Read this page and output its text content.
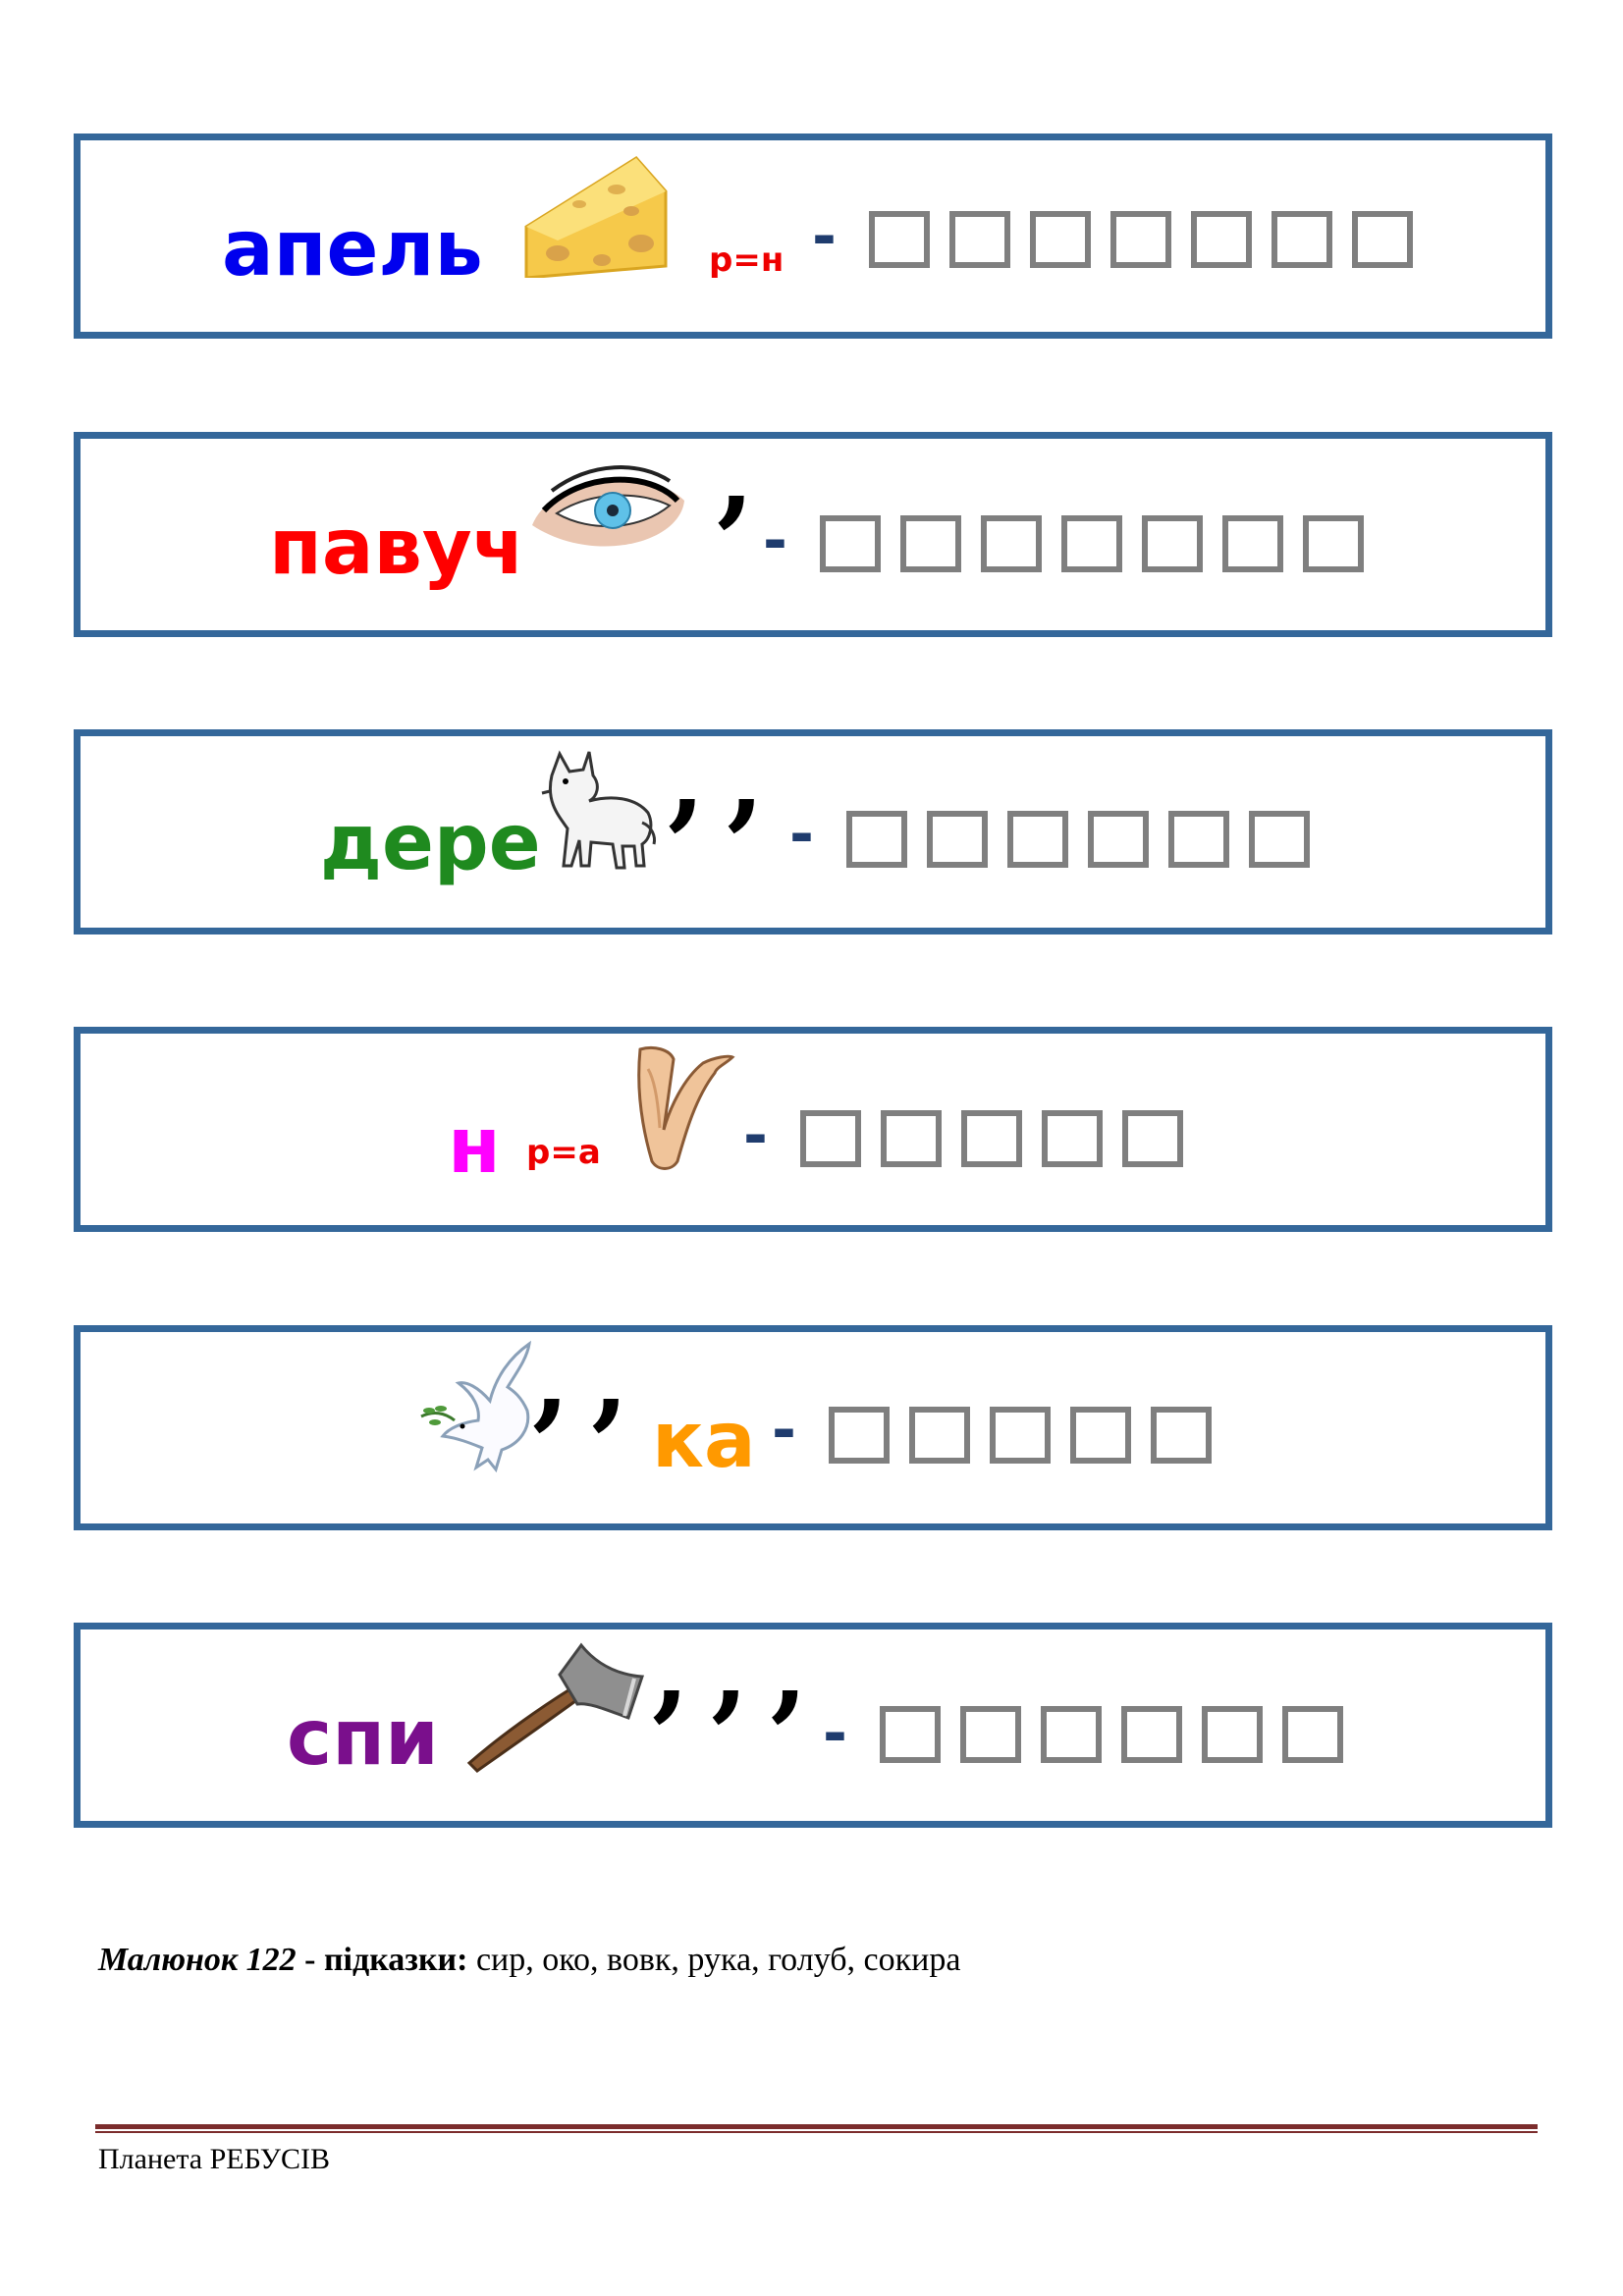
апель	р=н -
павуч
,
-
дере
,, -
н р=а -
,, ка -
спи
,,,
-
Малюнок 122 - підказки: сир, око, вовк, рука, голуб, сокира
Планета РЕБУСІВ
